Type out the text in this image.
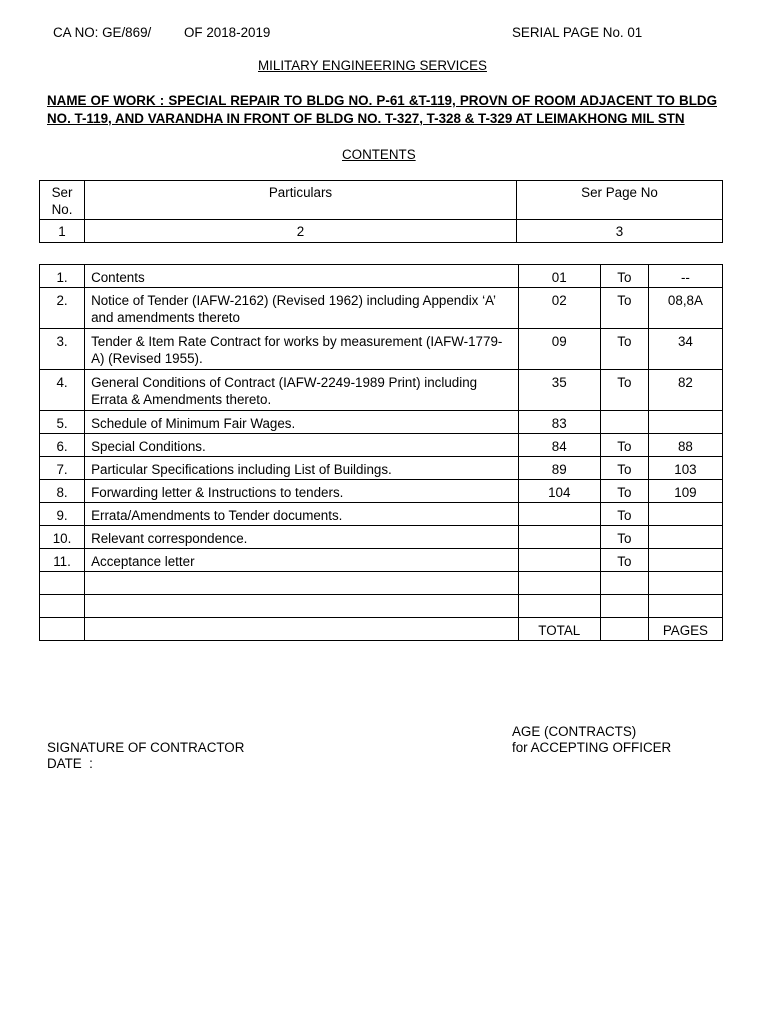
CA NO: GE/869/ OF 2018-2019	SERIAL PAGE No. 01
MILITARY ENGINEERING SERVICES
NAME OF WORK : SPECIAL REPAIR TO BLDG NO. P-61 &T-119, PROVN OF ROOM ADJACENT TO BLDG NO. T-119, AND VARANDHA IN FRONT OF BLDG NO. T-327, T-328 & T-329 AT LEIMAKHONG MIL STN
CONTENTS
Ser No.	Particulars	Ser Page No
1	2	3
1.	Contents	01	To	--
2.	Notice of Tender (IAFW-2162) (Revised 1962) including Appendix ‘A’ and amendments thereto	02	To	08,8A
3.	Tender & Item Rate Contract for works by measurement (IAFW-1779-A) (Revised 1955).	09	To	34
4.	General Conditions of Contract (IAFW-2249-1989 Print) including Errata & Amendments thereto.	35	To	82
5.	Schedule of Minimum Fair Wages.	83		
6.	Special Conditions.	84	To	88
7.	Particular Specifications including List of Buildings.	89	To	103
8.	Forwarding letter & Instructions to tenders.	104	To	109
9.	Errata/Amendments to Tender documents.		To	
10.	Relevant correspondence.		To	
11.	Acceptance letter		To	

		TOTAL		PAGES
AGE (CONTRACTS)
for ACCEPTING OFFICER
SIGNATURE OF CONTRACTOR
DATE  :
